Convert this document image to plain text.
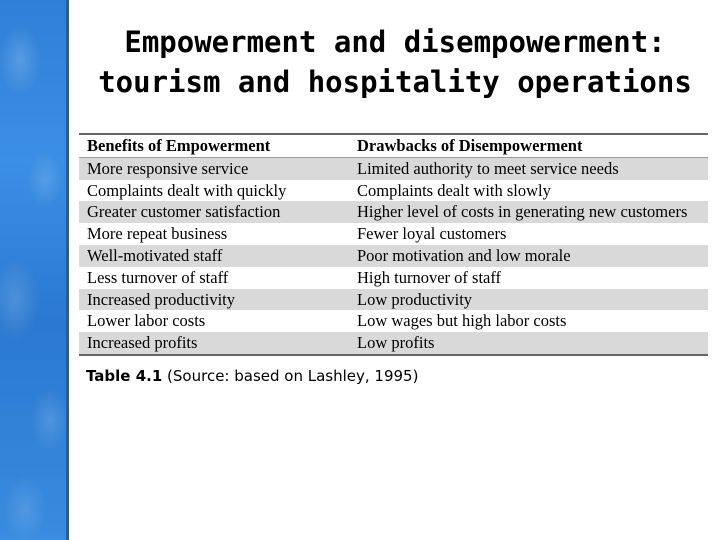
Empowerment and disempowerment:
tourism and hospitality operations
Benefits of Empowerment	Drawbacks of Disempowerment
More responsive service	Limited authority to meet service needs
Complaints dealt with quickly	Complaints dealt with slowly
Greater customer satisfaction	Higher level of costs in generating new customers
More repeat business	Fewer loyal customers
Well-motivated staff	Poor motivation and low morale
Less turnover of staff	High turnover of staff
Increased productivity	Low productivity
Lower labor costs	Low wages but high labor costs
Increased profits	Low profits
Table 4.1 (Source: based on Lashley, 1995)
